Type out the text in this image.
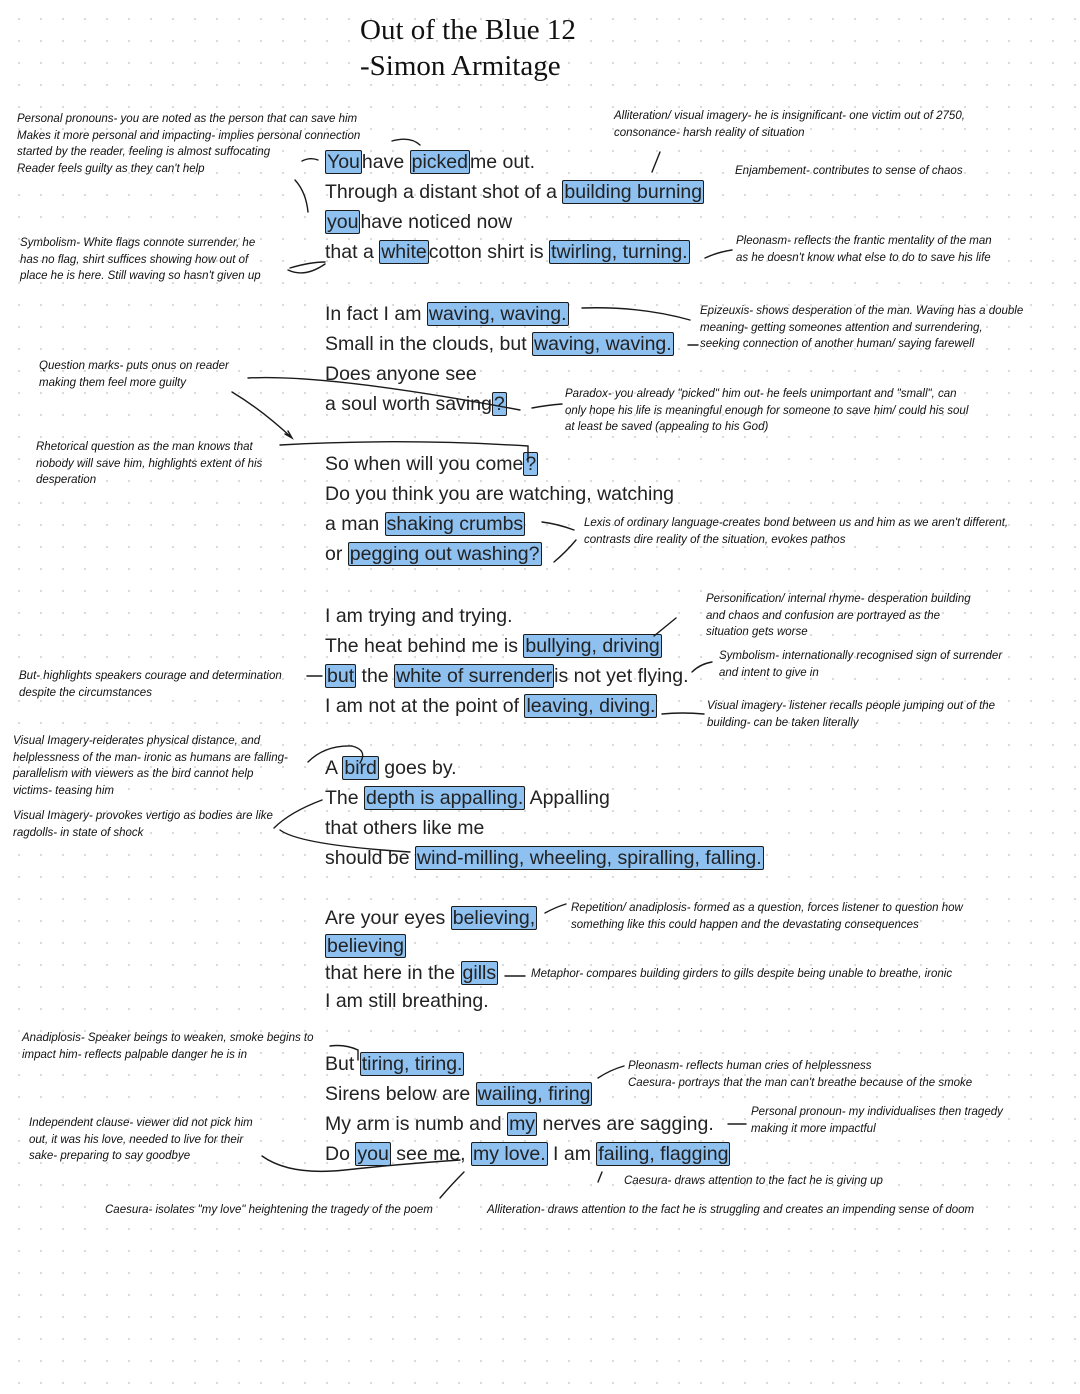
Out of the Blue 12
-Simon Armitage
You have picked me out.
Through a distant shot of a building burning
you have noticed now
that a white cotton shirt is twirling, turning.
In fact I am waving, waving.
Small in the clouds, but waving, waving.
Does anyone see
a soul worth saving ?
So when will you come ?
Do you think you are watching, watching
a man shaking crumbs
or pegging out washing?
I am trying and trying.
The heat behind me is bullying, driving
but the white of surrender is not yet flying.
I am not at the point of leaving, diving.
A bird goes by.
The depth is appalling. Appalling
that others like me
should be wind-milling, wheeling, spiralling, falling.
Are your eyes believing,
believing
that here in the gills
I am still breathing.
But tiring, tiring.
Sirens below are wailing, firing
My arm is numb and my nerves are sagging.
Do you see me, my love. I am failing, flagging
Personal pronouns- you are noted as the person that can save him
Makes it more personal and impacting- implies personal connection
started by the reader, feeling is almost suffocating
Reader feels guilty as they can't help
Alliteration/ visual imagery- he is insignificant- one victim out of 2750,
consonance- harsh reality of situation
Enjambement- contributes to sense of chaos
Symbolism- White flags connote surrender, he
has no flag, shirt suffices showing how out of
place he is here. Still waving so hasn't given up
Pleonasm- reflects the frantic mentality of the man
as he doesn't know what else to do to save his life
Epizeuxis- shows desperation of the man. Waving has a double
meaning- getting someones attention and surrendering,
seeking connection of another human/ saying farewell
Question marks- puts onus on reader
making them feel more guilty
Paradox- you already "picked" him out- he feels unimportant and "small", can
only hope his life is meaningful enough for someone to save him/ could his soul
at least be saved (appealing to his God)
Rhetorical question as the man knows that
nobody will save him, highlights extent of his
desperation
Lexis of ordinary language-creates bond between us and him as we aren't different,
contrasts dire reality of the situation, evokes pathos
Personification/ internal rhyme- desperation building
and chaos and confusion are portrayed as the
situation gets worse
Symbolism- internationally recognised sign of surrender
and intent to give in
But- highlights speakers courage and determination
despite the circumstances
Visual imagery- listener recalls people jumping out of the
building- can be taken literally
Visual Imagery-reiderates physical distance, and
helplessness of the man- ironic as humans are falling-
parallelism with viewers as the bird cannot help
victims- teasing him
Visual Imagery- provokes vertigo as bodies are like
ragdolls- in state of shock
Repetition/ anadiplosis- formed as a question, forces listener to question how
something like this could happen and the devastating consequences
Metaphor- compares building girders to gills despite being unable to breathe, ironic
Anadiplosis- Speaker beings to weaken, smoke begins to
impact him- reflects palpable danger he is in
Pleonasm- reflects human cries of helplessness
Caesura- portrays that the man can't breathe because of the smoke
Personal pronoun- my individualises then tragedy
making it more impactful
Independent clause- viewer did not pick him
out, it was his love, needed to live for their
sake- preparing to say goodbye
Caesura- draws attention to the fact he is giving up
Caesura- isolates "my love" heightening the tragedy of the poem	Alliteration- draws attention to the fact he is struggling and creates an impending sense of doom
